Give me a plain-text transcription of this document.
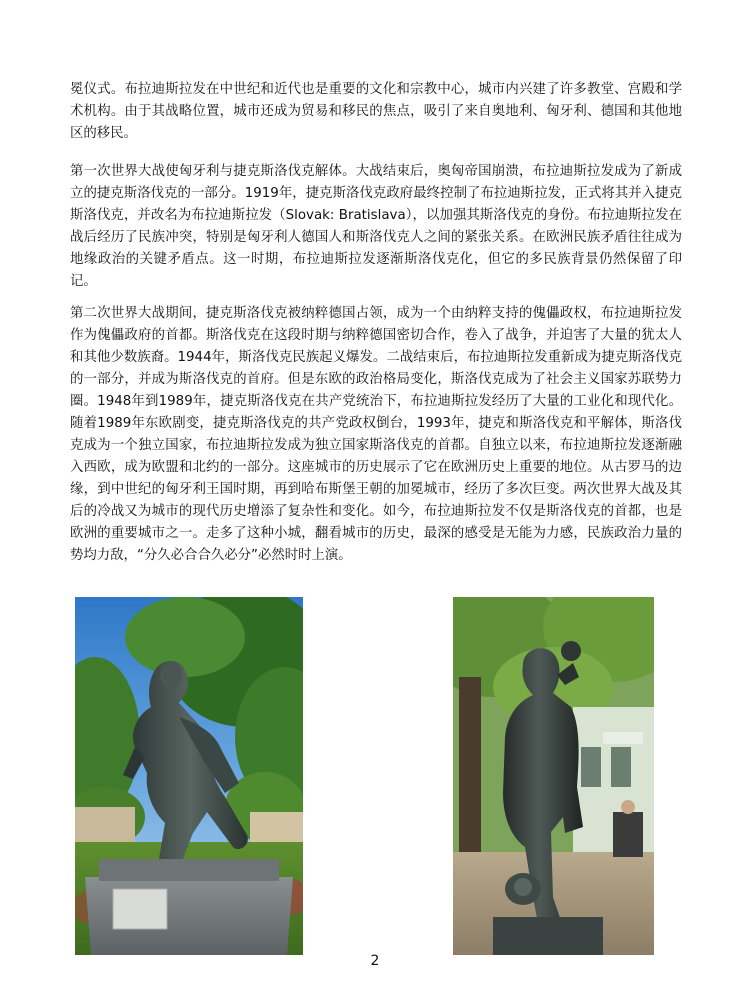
冕仪式。布拉迪斯拉发在中世纪和近代也是重要的文化和宗教中心，城市内兴建了许多教堂、宫殿和学术机构。由于其战略位置，城市还成为贸易和移民的焦点，吸引了来自奥地利、匈牙利、德国和其他地区的移民。

第一次世界大战使匈牙利与捷克斯洛伐克解体。大战结束后，奥匈帝国崩溃，布拉迪斯拉发成为了新成立的捷克斯洛伐克的一部分。1919年，捷克斯洛伐克政府最终控制了布拉迪斯拉发，正式将其并入捷克斯洛伐克，并改名为布拉迪斯拉发（Slovak: Bratislava），以加强其斯洛伐克的身份。布拉迪斯拉发在战后经历了民族冲突，特别是匈牙利人德国人和斯洛伐克人之间的紧张关系。在欧洲民族矛盾往往成为地缘政治的关键矛盾点。这一时期，布拉迪斯拉发逐渐斯洛伐克化，但它的多民族背景仍然保留了印记。

第二次世界大战期间，捷克斯洛伐克被纳粹德国占领，成为一个由纳粹支持的傀儡政权，布拉迪斯拉发作为傀儡政府的首都。斯洛伐克在这段时期与纳粹德国密切合作，卷入了战争，并迫害了大量的犹太人和其他少数族裔。1944年，斯洛伐克民族起义爆发。二战结束后，布拉迪斯拉发重新成为捷克斯洛伐克的一部分，并成为斯洛伐克的首府。但是东欧的政治格局变化，斯洛伐克成为了社会主义国家苏联势力圈。1948年到1989年，捷克斯洛伐克在共产党统治下，布拉迪斯拉发经历了大量的工业化和现代化。随着1989年东欧剧变，捷克斯洛伐克的共产党政权倒台，1993年，捷克和斯洛伐克和平解体，斯洛伐克成为一个独立国家，布拉迪斯拉发成为独立国家斯洛伐克的首都。自独立以来，布拉迪斯拉发逐渐融入西欧，成为欧盟和北约的一部分。这座城市的历史展示了它在欧洲历史上重要的地位。从古罗马的边缘，到中世纪的匈牙利王国时期，再到哈布斯堡王朝的加冕城市，经历了多次巨变。两次世界大战及其后的冷战又为城市的现代历史增添了复杂性和变化。如今，布拉迪斯拉发不仅是斯洛伐克的首都，也是欧洲的重要城市之一。走多了这种小城，翻看城市的历史，最深的感受是无能为力感，民族政治力量的势均力敌，“分久必合合久必分”必然时时上演。

2
